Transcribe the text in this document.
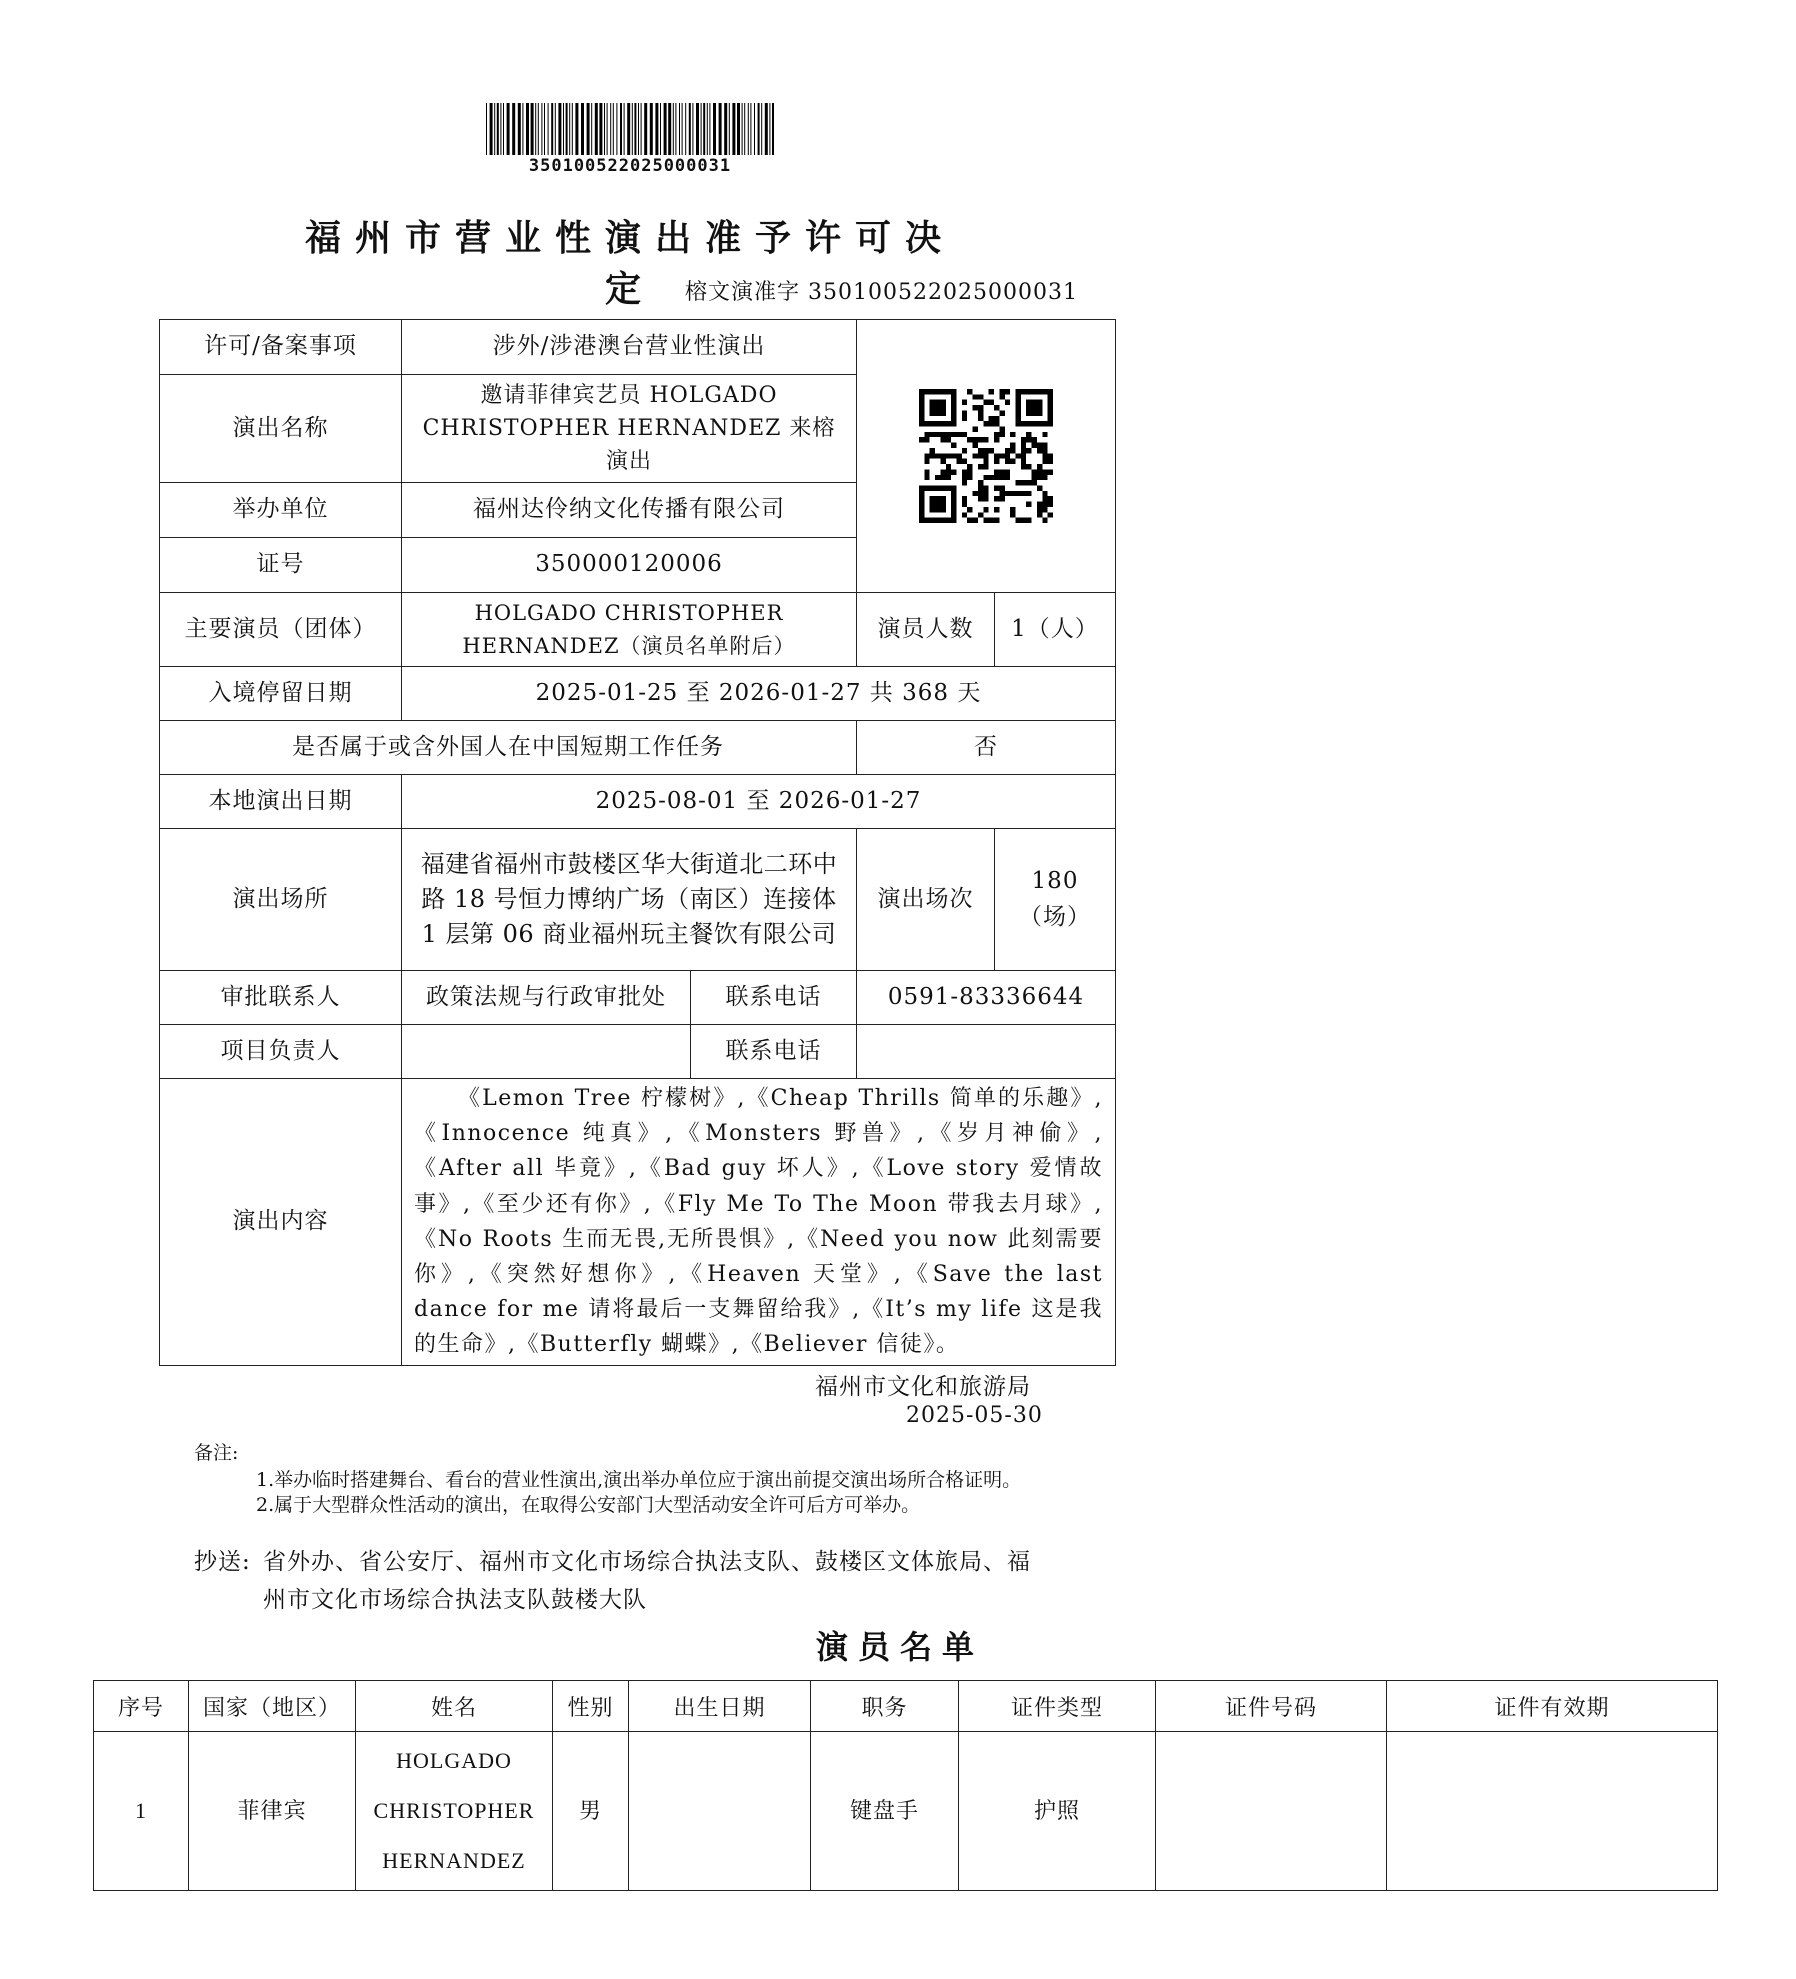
350100522025000031
福州市营业性演出准予许可决定	榕文演准字 350100522025000031
许可/备案事项	涉外/涉港澳台营业性演出	

演出名称	邀请菲律宾艺员 HOLGADO CHRISTOPHER HERNANDEZ 来榕演出			
举办单位	福州达伶纳文化传播有限公司			
证号	350000120006			
主要演员（团体）	HOLGADO CHRISTOPHER HERNANDEZ（演员名单附后）		演员人数	1（人）
入境停留日期	2025-01-25 至 2026-01-27 共 368 天			
是否属于或含外国人在中国短期工作任务			否	
本地演出日期	2025-08-01 至 2026-01-27			
演出场所	福建省福州市鼓楼区华大街道北二环中路 18 号恒力博纳广场（南区）连接体 1 层第 06 商业福州玩主餐饮有限公司		演出场次	180（场）
审批联系人	政策法规与行政审批处	联系电话	0591-83336644	
项目负责人		联系电话		
演出内容	《Lemon Tree 柠檬树》,《Cheap Thrills 简单的乐趣》,《Innocence 纯真》,《Monsters 野兽》,《岁月神偷》,《After all 毕竟》,《Bad guy 坏人》,《Love story 爱情故事》,《至少还有你》,《Fly Me To The Moon 带我去月球》,《No Roots 生而无畏,无所畏惧》,《Need you now 此刻需要你》,《突然好想你》,《Heaven 天堂》,《Save the last dance for me 请将最后一支舞留给我》,《It’s my life 这是我的生命》,《Butterfly 蝴蝶》,《Believer 信徒》。			
福州市文化和旅游局
2025-05-30
备注:
1.举办临时搭建舞台、看台的营业性演出,演出举办单位应于演出前提交演出场所合格证明。
2.属于大型群众性活动的演出，在取得公安部门大型活动安全许可后方可举办。
抄送: 省外办、省公安厅、福州市文化市场综合执法支队、鼓楼区文体旅局、福
州市文化市场综合执法支队鼓楼大队
演员名单
序号	国家（地区）	姓名	性别	出生日期	职务	证件类型	证件号码	证件有效期
1	菲律宾	HOLGADO
CHRISTOPHER
HERNANDEZ	男		键盘手	护照		
